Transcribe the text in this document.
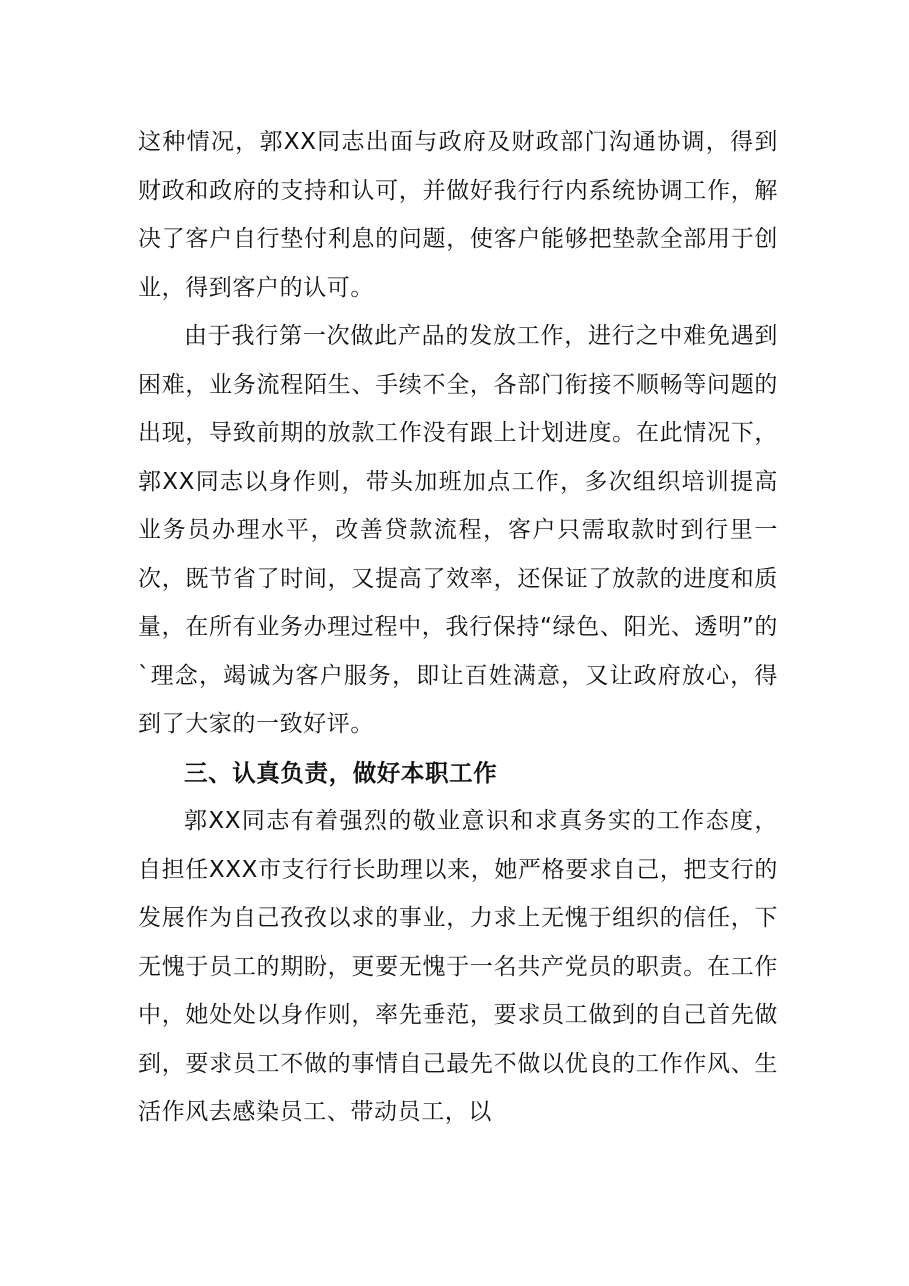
这种情况，郭XX同志出面与政府及财政部门沟通协调，得到财政和政府的支持和认可，并做好我行行内系统协调工作，解决了客户自行垫付利息的问题，使客户能够把垫款全部用于创业，得到客户的认可。

由于我行第一次做此产品的发放工作，进行之中难免遇到困难，业务流程陌生、手续不全，各部门衔接不顺畅等问题的出现，导致前期的放款工作没有跟上计划进度。在此情况下，郭XX同志以身作则，带头加班加点工作，多次组织培训提高业务员办理水平，改善贷款流程，客户只需取款时到行里一次，既节省了时间，又提高了效率，还保证了放款的进度和质量，在所有业务办理过程中，我行保持“绿色、阳光、透明”的`理念，竭诚为客户服务，即让百姓满意，又让政府放心，得到了大家的一致好评。

三、认真负责，做好本职工作

郭XX同志有着强烈的敬业意识和求真务实的工作态度，自担任XXX市支行行长助理以来，她严格要求自己，把支行的发展作为自己孜孜以求的事业，力求上无愧于组织的信任，下无愧于员工的期盼，更要无愧于一名共产党员的职责。在工作中，她处处以身作则，率先垂范，要求员工做到的自己首先做到，要求员工不做的事情自己最先不做以优良的工作作风、生活作风去感染员工、带动员工，以
